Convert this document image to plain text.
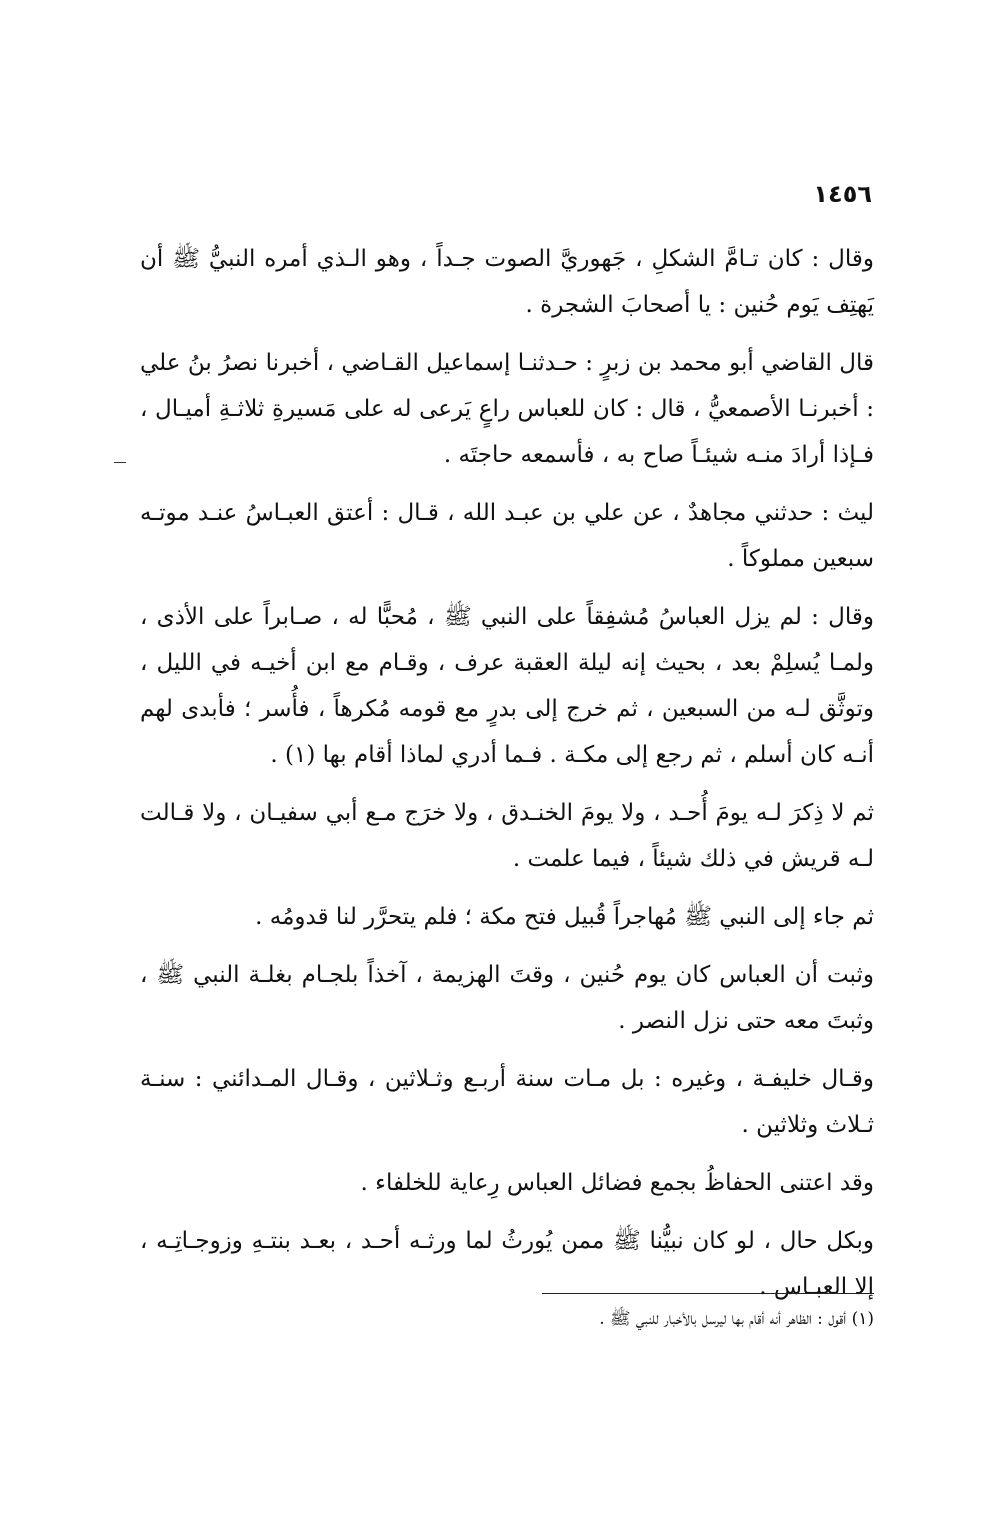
١٤٥٦

وقال : كان تـامَّ الشكلِ ، جَهوريَّ الصوت جـداً ، وهو الـذي أمره النبيُّ ﷺ أن يَهتِف يَوم حُنين : يا أصحابَ الشجرة .

قال القاضي أبو محمد بن زبرٍ : حـدثنـا إسماعيل القـاضي ، أخبرنا نصرُ بنُ علي : أخبرنـا الأصمعيُّ ، قال : كان للعباس راعٍ يَرعى له على مَسيرةِ ثلاثـةِ أميـال ، فـإذا أرادَ منـه شيئـاً صاح به ، فأسمعه حاجتَه .

ليث : حدثني مجاهدٌ ، عن علي بن عبـد الله ، قـال : أعتق العبـاسُ عنـد موتـه سبعين مملوكاً .

وقال : لم يزل العباسُ مُشفِقاً على النبي ﷺ ، مُحبًّا له ، صـابراً على الأذى ، ولمـا يُسلِمْ بعد ، بحيث إنه ليلة العقبة عرف ، وقـام مع ابن أخيـه في الليل ، وتوثَّق لـه من السبعين ، ثم خرج إلى بدرٍ مع قومه مُكرهاً ، فأُسر ؛ فأبدى لهم أنـه كان أسلم ، ثم رجع إلى مكـة . فـما أدري لماذا أقام بها (١) .

ثم لا ذِكرَ لـه يومَ أُحـد ، ولا يومَ الخنـدق ، ولا خرَج مـع أبي سفيـان ، ولا قـالت لـه قريش في ذلك شيئاً ، فيما علمت .

ثم جاء إلى النبي ﷺ مُهاجراً قُبيل فتح مكة ؛ فلم يتحرَّر لنا قدومُه .

وثبت أن العباس كان يوم حُنين ، وقتَ الهزيمة ، آخذاً بلجـام بغلـة النبي ﷺ ، وثبتَ معه حتى نزل النصر .

وقـال خليفـة ، وغيره : بل مـات سنة أربـع وثـلاثين ، وقـال المـدائني : سنـة ثـلاث وثلاثين .

وقد اعتنى الحفاظُ بجمع فضائل العباس رِعاية للخلفاء .

وبكل حال ، لو كان نبيُّنا ﷺ ممن يُورثُ لما ورثـه أحـد ، بعـد بنتـهِ وزوجـاتِـه ، إلا العبـاس .

(١) أقول : الظاهر أنه أقام بها ليرسل بالأخبار للنبي ﷺ .
